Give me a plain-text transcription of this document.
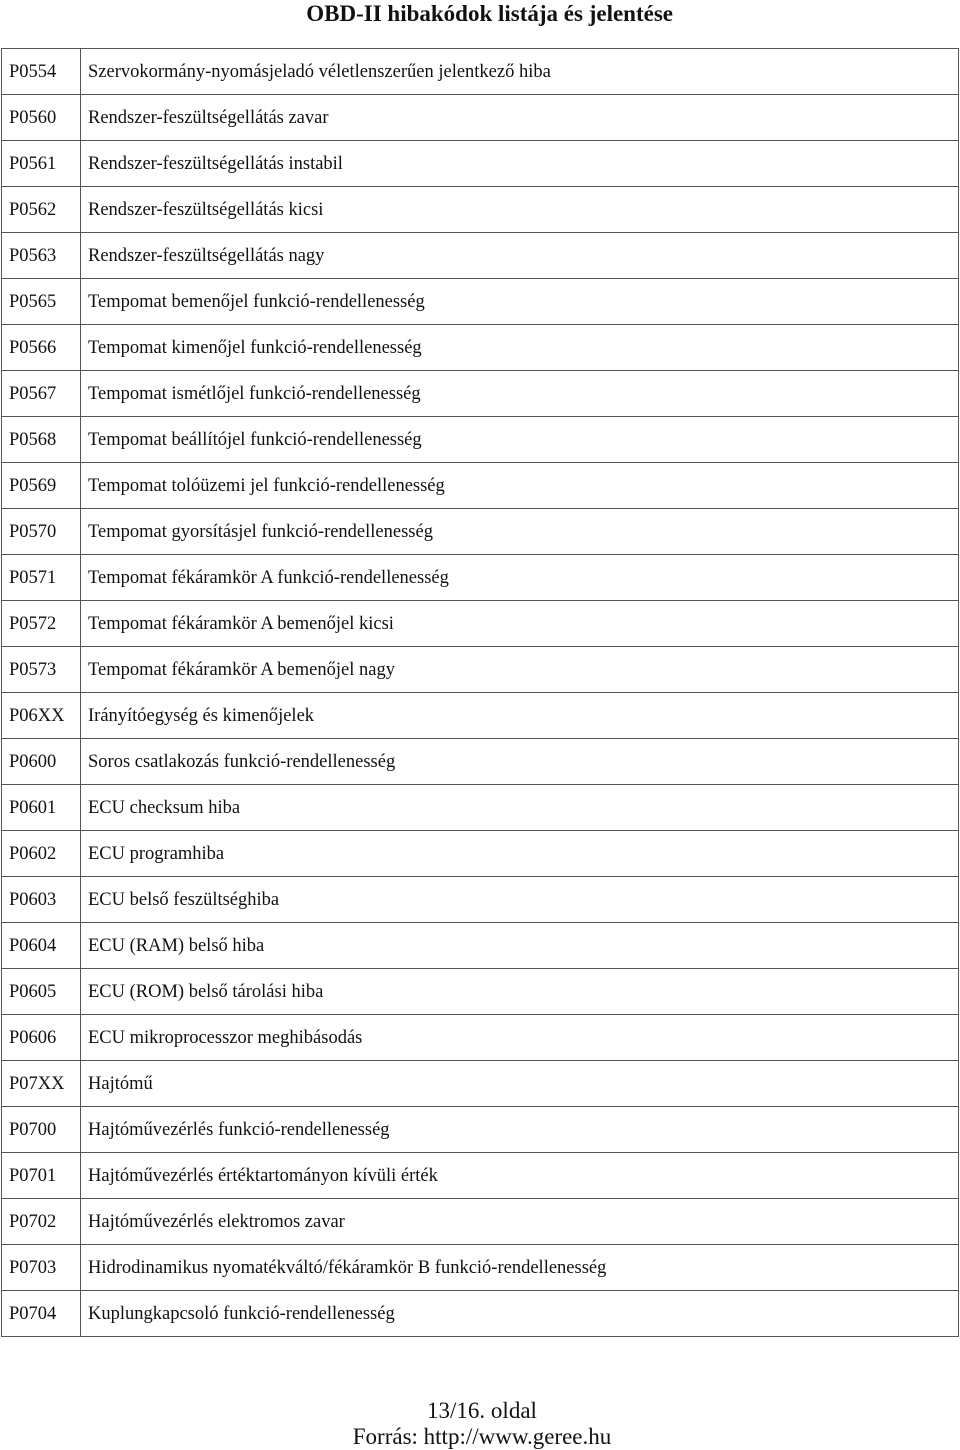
OBD-II hibakódok listája és jelentése
P0554	Szervokormány-nyomásjeladó véletlenszerűen jelentkező hiba
P0560	Rendszer-feszültségellátás zavar
P0561	Rendszer-feszültségellátás instabil
P0562	Rendszer-feszültségellátás kicsi
P0563	Rendszer-feszültségellátás nagy
P0565	Tempomat bemenőjel funkció-rendellenesség
P0566	Tempomat kimenőjel funkció-rendellenesség
P0567	Tempomat ismétlőjel funkció-rendellenesség
P0568	Tempomat beállítójel funkció-rendellenesség
P0569	Tempomat tolóüzemi jel funkció-rendellenesség
P0570	Tempomat gyorsításjel funkció-rendellenesség
P0571	Tempomat fékáramkör A funkció-rendellenesség
P0572	Tempomat fékáramkör A bemenőjel kicsi
P0573	Tempomat fékáramkör A bemenőjel nagy
P06XX	Irányítóegység és kimenőjelek
P0600	Soros csatlakozás funkció-rendellenesség
P0601	ECU checksum hiba
P0602	ECU programhiba
P0603	ECU belső feszültséghiba
P0604	ECU (RAM) belső hiba
P0605	ECU (ROM) belső tárolási hiba
P0606	ECU mikroprocesszor meghibásodás
P07XX	Hajtómű
P0700	Hajtóművezérlés funkció-rendellenesség
P0701	Hajtóművezérlés értéktartományon kívüli érték
P0702	Hajtóművezérlés elektromos zavar
P0703	Hidrodinamikus nyomatékváltó/fékáramkör B funkció-rendellenesség
P0704	Kuplungkapcsoló funkció-rendellenesség
13/16. oldal
Forrás: http://www.geree.hu
